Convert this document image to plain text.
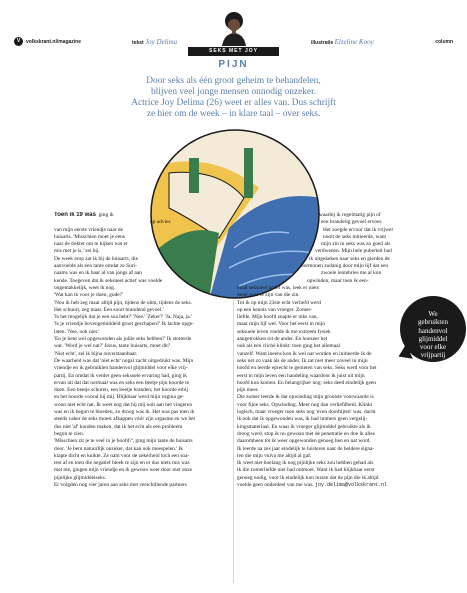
V	volkskrant.nl/magazine	tekst Joy Delima	illustratie Elzeline Kooy	column
SEKS MET JOY
PIJN
Door seks als één groot geheim te behandelen,
blijven veel jonge mensen onnodig onzeker.
Actrice Joy Delima (26) weet er alles van. Dus schrijft
ze hier om de week – in klare taal – over seks.

Toen ik 19 was ging ik

op advies

van mijn eerste vriendje naar de

huisarts. 'Misschien moet je eens

naar de dokter om te kijken wat er

mis met je is,' zei hij.

De week erop zat ik bij de huisarts, die

aanvoelde als een tante omdat ze Suri-

naams was en ik haar al van jongs af aan

kende. Toegeven dat ik seksueel actief was voelde

ongemakkelijk, weet ik nog.

'Wat kan ik voor je doen, gude?'

'Nou ik heb zeg maar altijd pijn, tijdens de uhm, tijdens de seks.

Het schuurt, zeg maar. Een soort brandend gevoel.'

'Is het mogelijk dat je een soa hebt?' 'Nee.' 'Zeker?' 'Ja. Naja, ja.'

'Is je vriendje bovengemiddeld groot geschapen?' Ik lachte opge-

laten. 'Nee, ook niet.'

'En je bent wel opgewonden als jullie seks hebben?' Ik stotterde

wat. 'Word je wel nat?' Jezus, tante huisarts, moet dit?

'Niet echt', zei ik bijna onverstaanbaar.

De waarheid was dat 'niet echt' nogal zacht uitgedrukt was. Mijn

vriendje en ik gebruikten handenvol glijmiddel voor elke vrij-

partij. En omdat ik verder geen seksuele ervaring had, ging ik

ervan uit dat dat normaal was en seks een beetje pijn hoorde te

doen. Een beetje schuren, een beetje branden; het hoorde erbij

en het hoorde vooral bij mij. Blijkbaar werd mijn vagina ge-

woon niet echt nat. Ik weet nog dat hij mij ooit aan het vingeren

was en ik begon te bloeden, zo droog was ik. Het was pas toen ik

steeds vaker de seks moest afkappen vóór zijn orgasme en we het

dus niet 'af' konden maken, dat ik het echt als een probleem

begon te zien.

'Misschien zit je te veel in je hoofd?', ging mijn tante de huisarts

door. 'Je bent natuurlijk onzeker, dat kan ook meespelen.' Ik

klapte dicht en knikte. Ze nam voor de zekerheid toch een soa-

test af en toen die negatief bleek te zijn en er dus niets mis was

met me, gingen mijn vriendje en ik gewoon weer door met onze

pijnlijke glijmiddelseks.

Er volgden nog vier jaren aan seks met verschillende partners

waarbij ik regelmatig pijn of

een branderig gevoel ervoer.

Het zoegde ervoor dat ik vrijwel

nooit de seks initieerde, want

mijn zin in seks was zo goed als

verdwenen. Mijn hele puberteit had

ik uitgekeken naar seks en gierden de

hormonen zodanig door mijn lijf dat een

zwoele lentebries me al kon

opwinden, maar toen ik een-

maal seksueel actief was, leek er niets

meer over te zijn van die zin.

Tot ik op mijn 23ste echt verliefd werd

op een kennis van vroeger. Zomer-

liefde. Mijn hoofd snapte er niks van,

maar mijn lijf wel. Voor het eerst in mijn

seksuele leven voelde ik me extreem fysiek

aangetrokken tot de ander. En hoezeer het

ook als een cliché klinkt: toen ging het allemaal

vanzelf. Want ineens kon ik wel nat worden en initieerde ik de

seks net zo vaak als de ander. Ik zat niet meer zoveel in mijn

hoofd en leerde eprecht te genieten van seks. Seks werd voor het

eerst in mijn leven een handeling waardoor ik juist uit mijn

hoofd kon komen. En belangrijker nog: seks deed eindelijk geen

pijn meer.

Die zomer leerde ik dat opwinding mijn grootste voorwaarde is

voor fijne seks. Opwinding. Meer nog dan verliefdheid. Klinkt

logisch, maar vroeger toen seks nog 'even doorbijten' was, dacht

ik ook dat ik opgewonden was, ik had immers geen vergelij-

kingsmateriaal. En waar ik vroeger glijmiddel gebruikte als ik

droog werd, stop ik nu gewoon met de penetratie en doe ik alles

daaromheen tot ik weer opgewonden genoeg ben en nat word.

Ik leerde na zes jaar eindelijk te luisteren naar de heldere signa-

len die mijn vulva me altijd al gaf.

Ik weet niet hoelang ik nog pijnlijke seks zou hebben gehad als

ik die zomerliefde niet had ontmoet. Want ik had blijkbaar eerst

genoeg nodig, voor ik eindelijk kon inzien dat de pijn die ik altijd

voelde geen onderdeel van me was. joy.delima@volkskrant.nl

We
gebruikten
handenvol
glijmiddel
voor elke
vrijpartij
